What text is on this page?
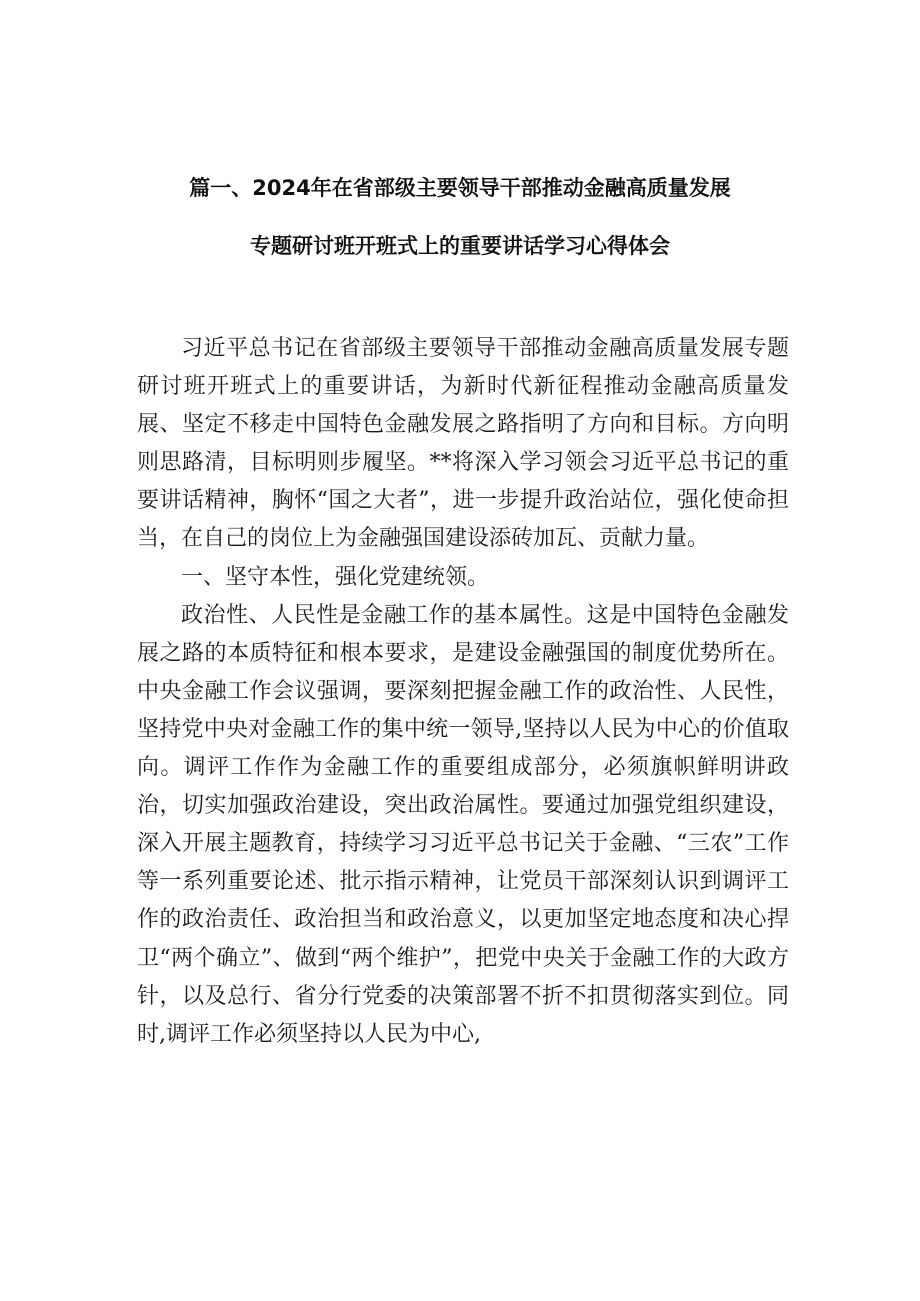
篇一、2024年在省部级主要领导干部推动金融高质量发展
专题研讨班开班式上的重要讲话学习心得体会

习近平总书记在省部级主要领导干部推动金融高质量发展专题研讨班开班式上的重要讲话，为新时代新征程推动金融高质量发展、坚定不移走中国特色金融发展之路指明了方向和目标。方向明则思路清，目标明则步履坚。**将深入学习领会习近平总书记的重要讲话精神，胸怀“国之大者”，进一步提升政治站位，强化使命担当，在自己的岗位上为金融强国建设添砖加瓦、贡献力量。

一、坚守本性，强化党建统领。

政治性、人民性是金融工作的基本属性。这是中国特色金融发展之路的本质特征和根本要求，是建设金融强国的制度优势所在。中央金融工作会议强调，要深刻把握金融工作的政治性、人民性，坚持党中央对金融工作的集中统一领导,坚持以人民为中心的价值取向。调评工作作为金融工作的重要组成部分，必须旗帜鲜明讲政治，切实加强政治建设，突出政治属性。要通过加强党组织建设，深入开展主题教育，持续学习习近平总书记关于金融、“三农”工作等一系列重要论述、批示指示精神，让党员干部深刻认识到调评工作的政治责任、政治担当和政治意义，以更加坚定地态度和决心捍卫“两个确立”、做到“两个维护”，把党中央关于金融工作的大政方针，以及总行、省分行党委的决策部署不折不扣贯彻落实到位。同时,调评工作必须坚持以人民为中心,
